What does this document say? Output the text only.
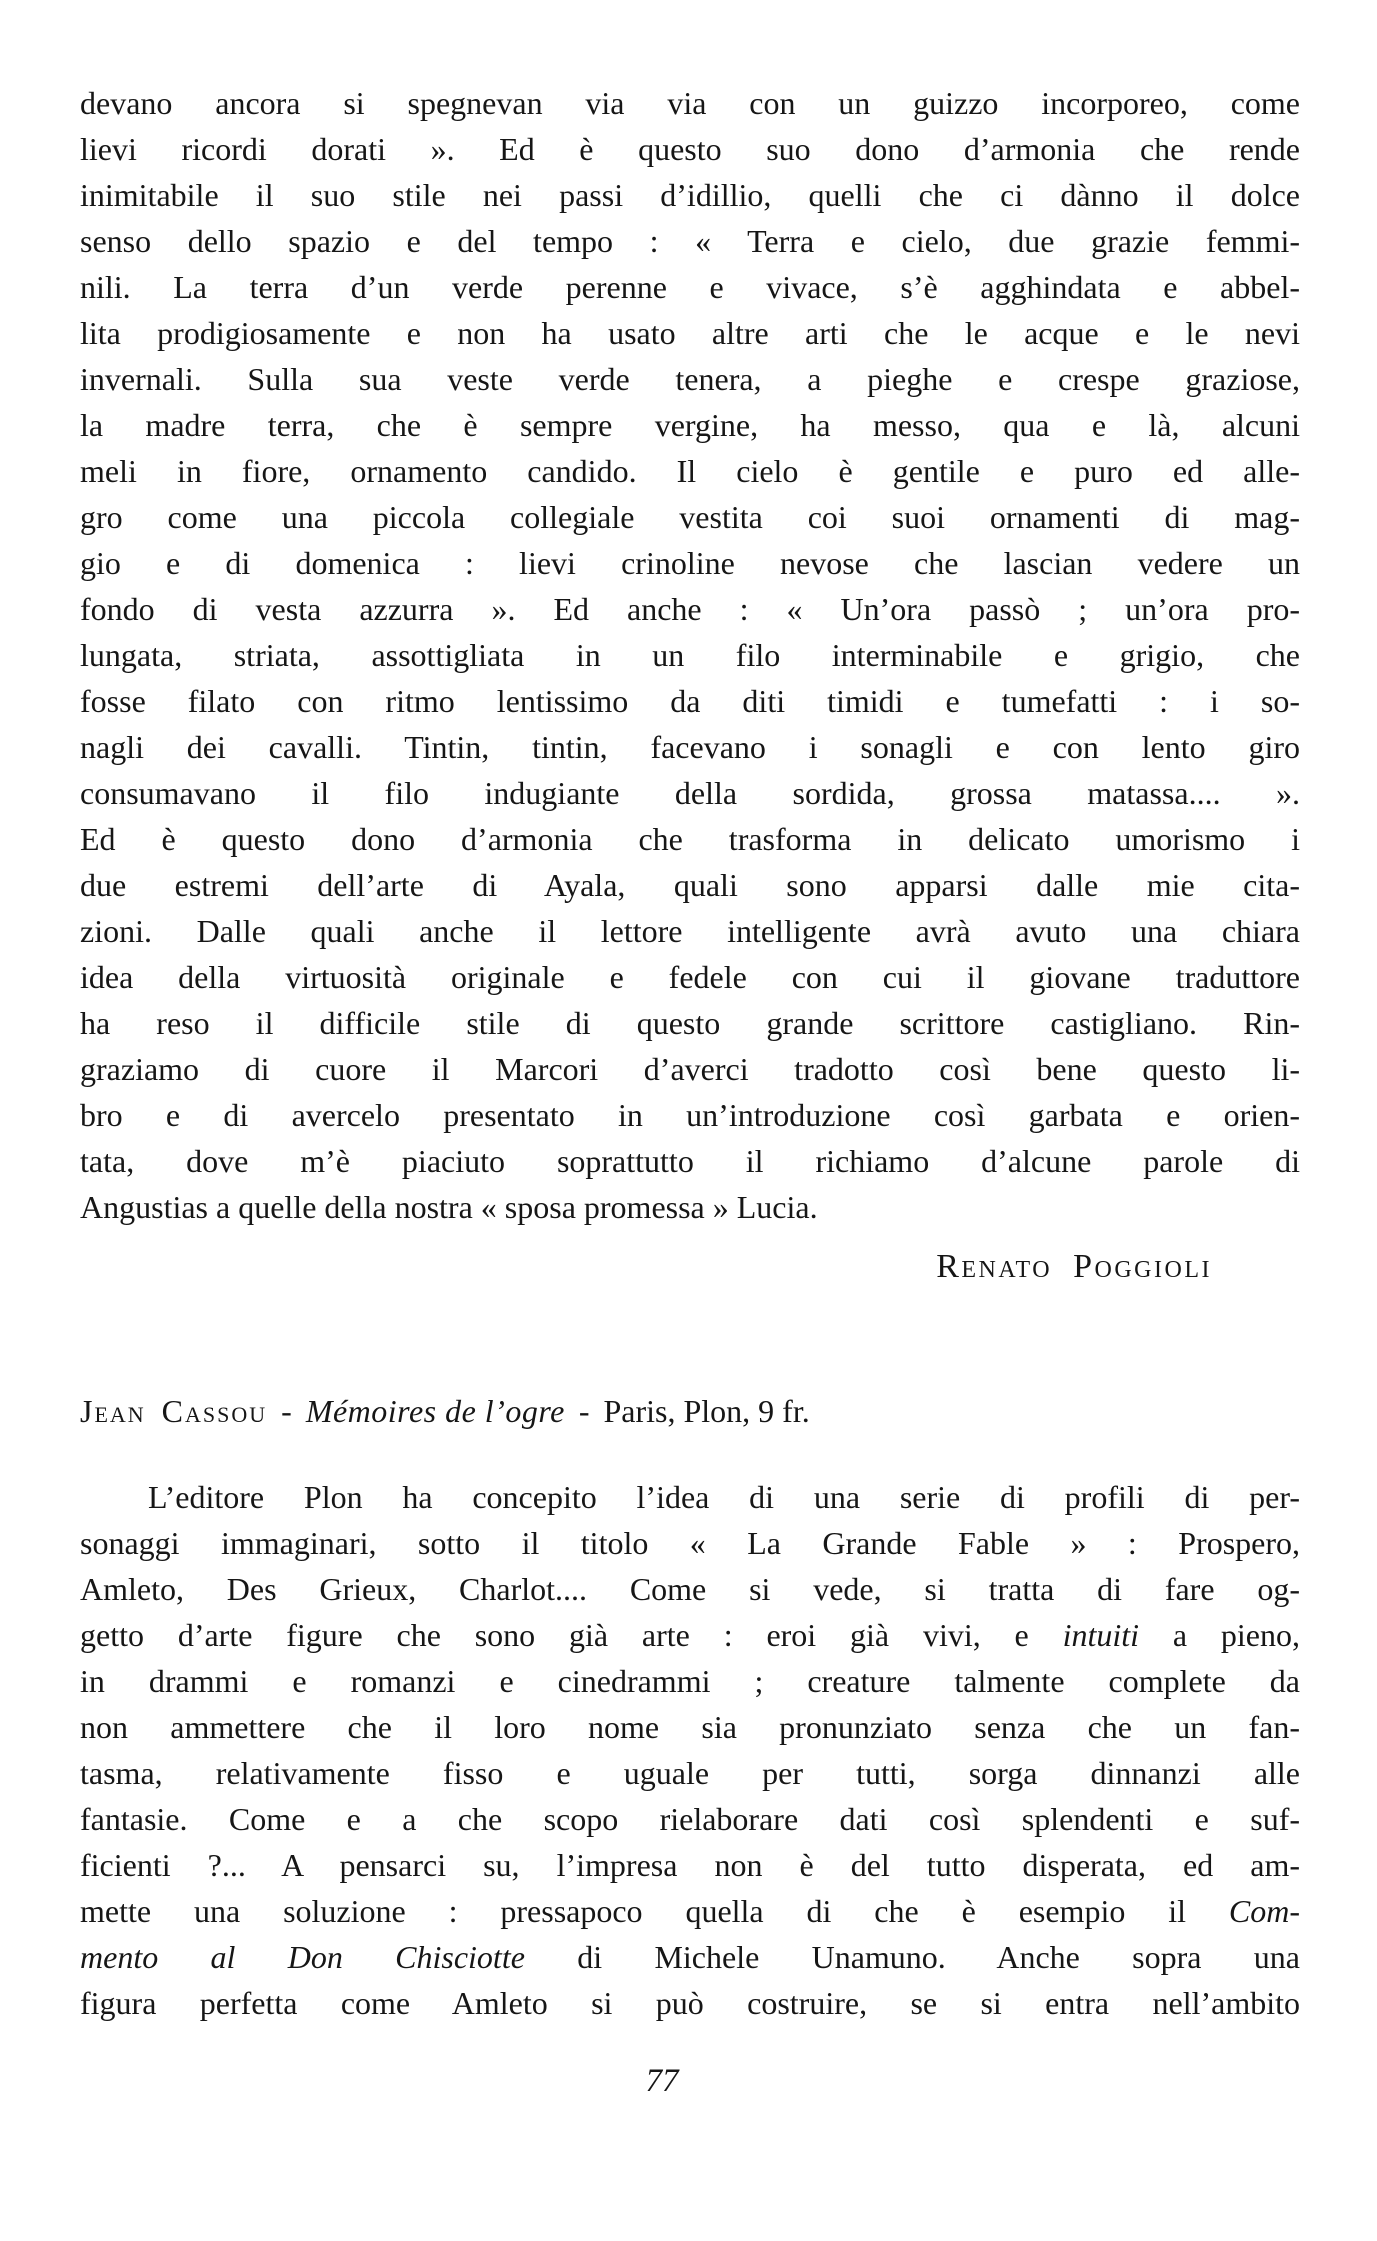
devano ancora si spegnevan via via con un guizzo incorporeo, come
lievi ricordi dorati ». Ed è questo suo dono d’armonia che rende
inimitabile il suo stile nei passi d’idillio, quelli che ci dànno il dolce
senso dello spazio e del tempo : « Terra e cielo, due grazie femmi-
nili. La terra d’un verde perenne e vivace, s’è agghindata e abbel-
lita prodigiosamente e non ha usato altre arti che le acque e le nevi
invernali. Sulla sua veste verde tenera, a pieghe e crespe graziose,
la madre terra, che è sempre vergine, ha messo, qua e là, alcuni
meli in fiore, ornamento candido. Il cielo è gentile e puro ed alle-
gro come una piccola collegiale vestita coi suoi ornamenti di mag-
gio e di domenica : lievi crinoline nevose che lascian vedere un
fondo di vesta azzurra ». Ed anche : « Un’ora passò ; un’ora pro-
lungata, striata, assottigliata in un filo interminabile e grigio, che
fosse filato con ritmo lentissimo da diti timidi e tumefatti : i so-
nagli dei cavalli. Tintin, tintin, facevano i sonagli e con lento giro
consumavano il filo indugiante della sordida, grossa matassa.... ».
Ed è questo dono d’armonia che trasforma in delicato umorismo i
due estremi dell’arte di Ayala, quali sono apparsi dalle mie cita-
zioni. Dalle quali anche il lettore intelligente avrà avuto una chiara
idea della virtuosità originale e fedele con cui il giovane traduttore
ha reso il difficile stile di questo grande scrittore castigliano. Rin-
graziamo di cuore il Marcori d’averci tradotto così bene questo li-
bro e di avercelo presentato in un’introduzione così garbata e orien-
tata, dove m’è piaciuto soprattutto il richiamo d’alcune parole di
Angustias a quelle della nostra « sposa promessa » Lucia.
Renato Poggioli
Jean Cassou - Mémoires de l’ogre - Paris, Plon, 9 fr.
L’editore Plon ha concepito l’idea di una serie di profili di per-
sonaggi immaginari, sotto il titolo « La Grande Fable » : Prospero,
Amleto, Des Grieux, Charlot.... Come si vede, si tratta di fare og-
getto d’arte figure che sono già arte : eroi già vivi, e intuiti a pieno,
in drammi e romanzi e cinedrammi ; creature talmente complete da
non ammettere che il loro nome sia pronunziato senza che un fan-
tasma, relativamente fisso e uguale per tutti, sorga dinnanzi alle
fantasie. Come e a che scopo rielaborare dati così splendenti e suf-
ficienti ?... A pensarci su, l’impresa non è del tutto disperata, ed am-
mette una soluzione : pressapoco quella di che è esempio il Com-
mento al Don Chisciotte di Michele Unamuno. Anche sopra una
figura perfetta come Amleto si può costruire, se si entra nell’ambito
77
